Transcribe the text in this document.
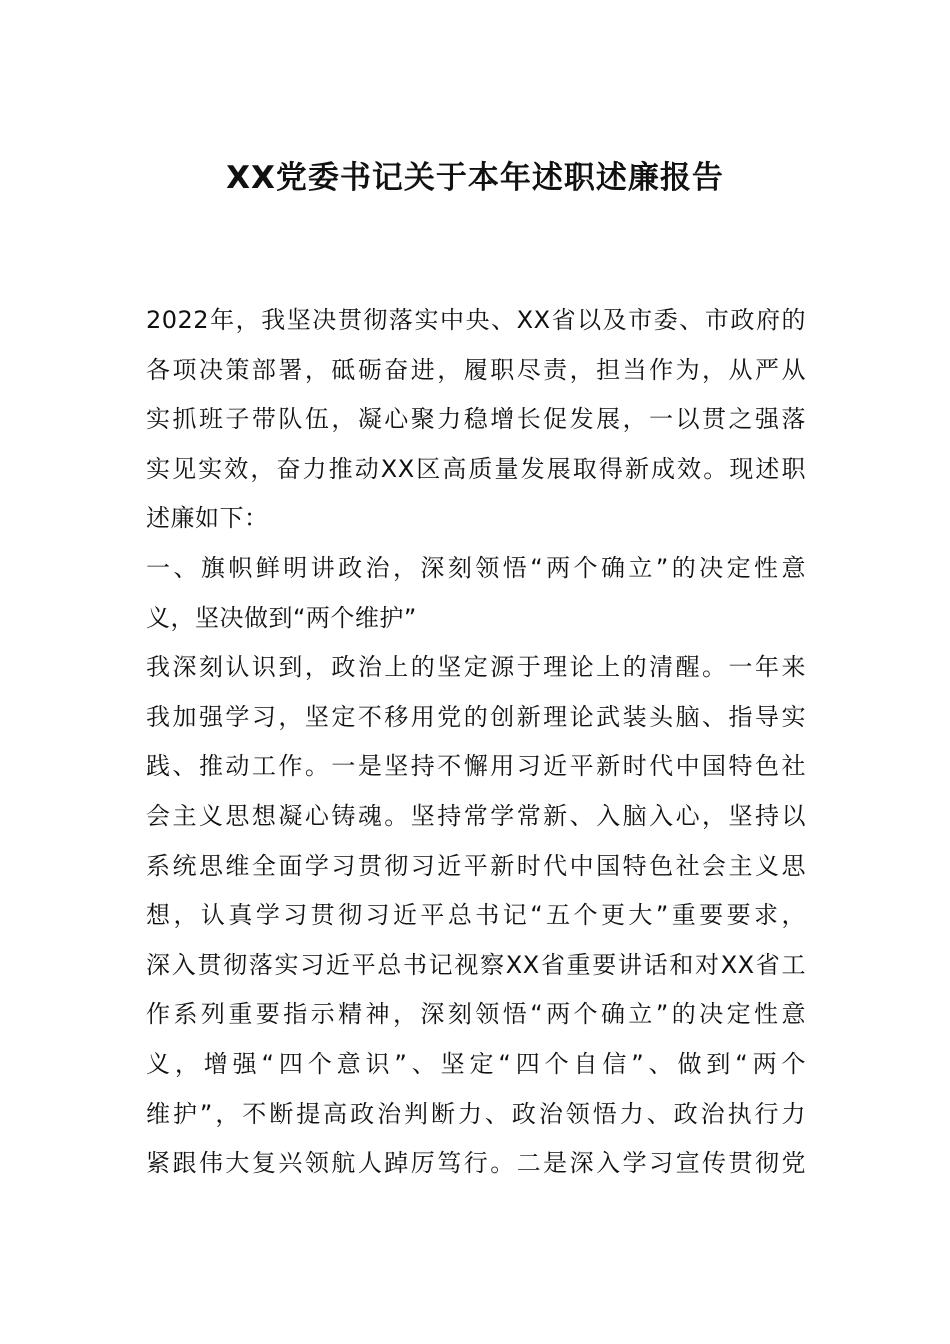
XX党委书记关于本年述职述廉报告
2022年，我坚决贯彻落实中央、XX省以及市委、市政府的
各项决策部署，砥砺奋进，履职尽责，担当作为，从严从
实抓班子带队伍，凝心聚力稳增长促发展，一以贯之强落
实见实效，奋力推动XX区高质量发展取得新成效。现述职
述廉如下：
一、旗帜鲜明讲政治，深刻领悟“两个确立”的决定性意
义，坚决做到“两个维护”
我深刻认识到，政治上的坚定源于理论上的清醒。一年来
我加强学习，坚定不移用党的创新理论武装头脑、指导实
践、推动工作。一是坚持不懈用习近平新时代中国特色社
会主义思想凝心铸魂。坚持常学常新、入脑入心，坚持以
系统思维全面学习贯彻习近平新时代中国特色社会主义思
想，认真学习贯彻习近平总书记“五个更大”重要要求，
深入贯彻落实习近平总书记视察XX省重要讲话和对XX省工
作系列重要指示精神，深刻领悟“两个确立”的决定性意
义，增强“四个意识”、坚定“四个自信”、做到“两个
维护”，不断提高政治判断力、政治领悟力、政治执行力
紧跟伟大复兴领航人踔厉笃行。二是深入学习宣传贯彻党
